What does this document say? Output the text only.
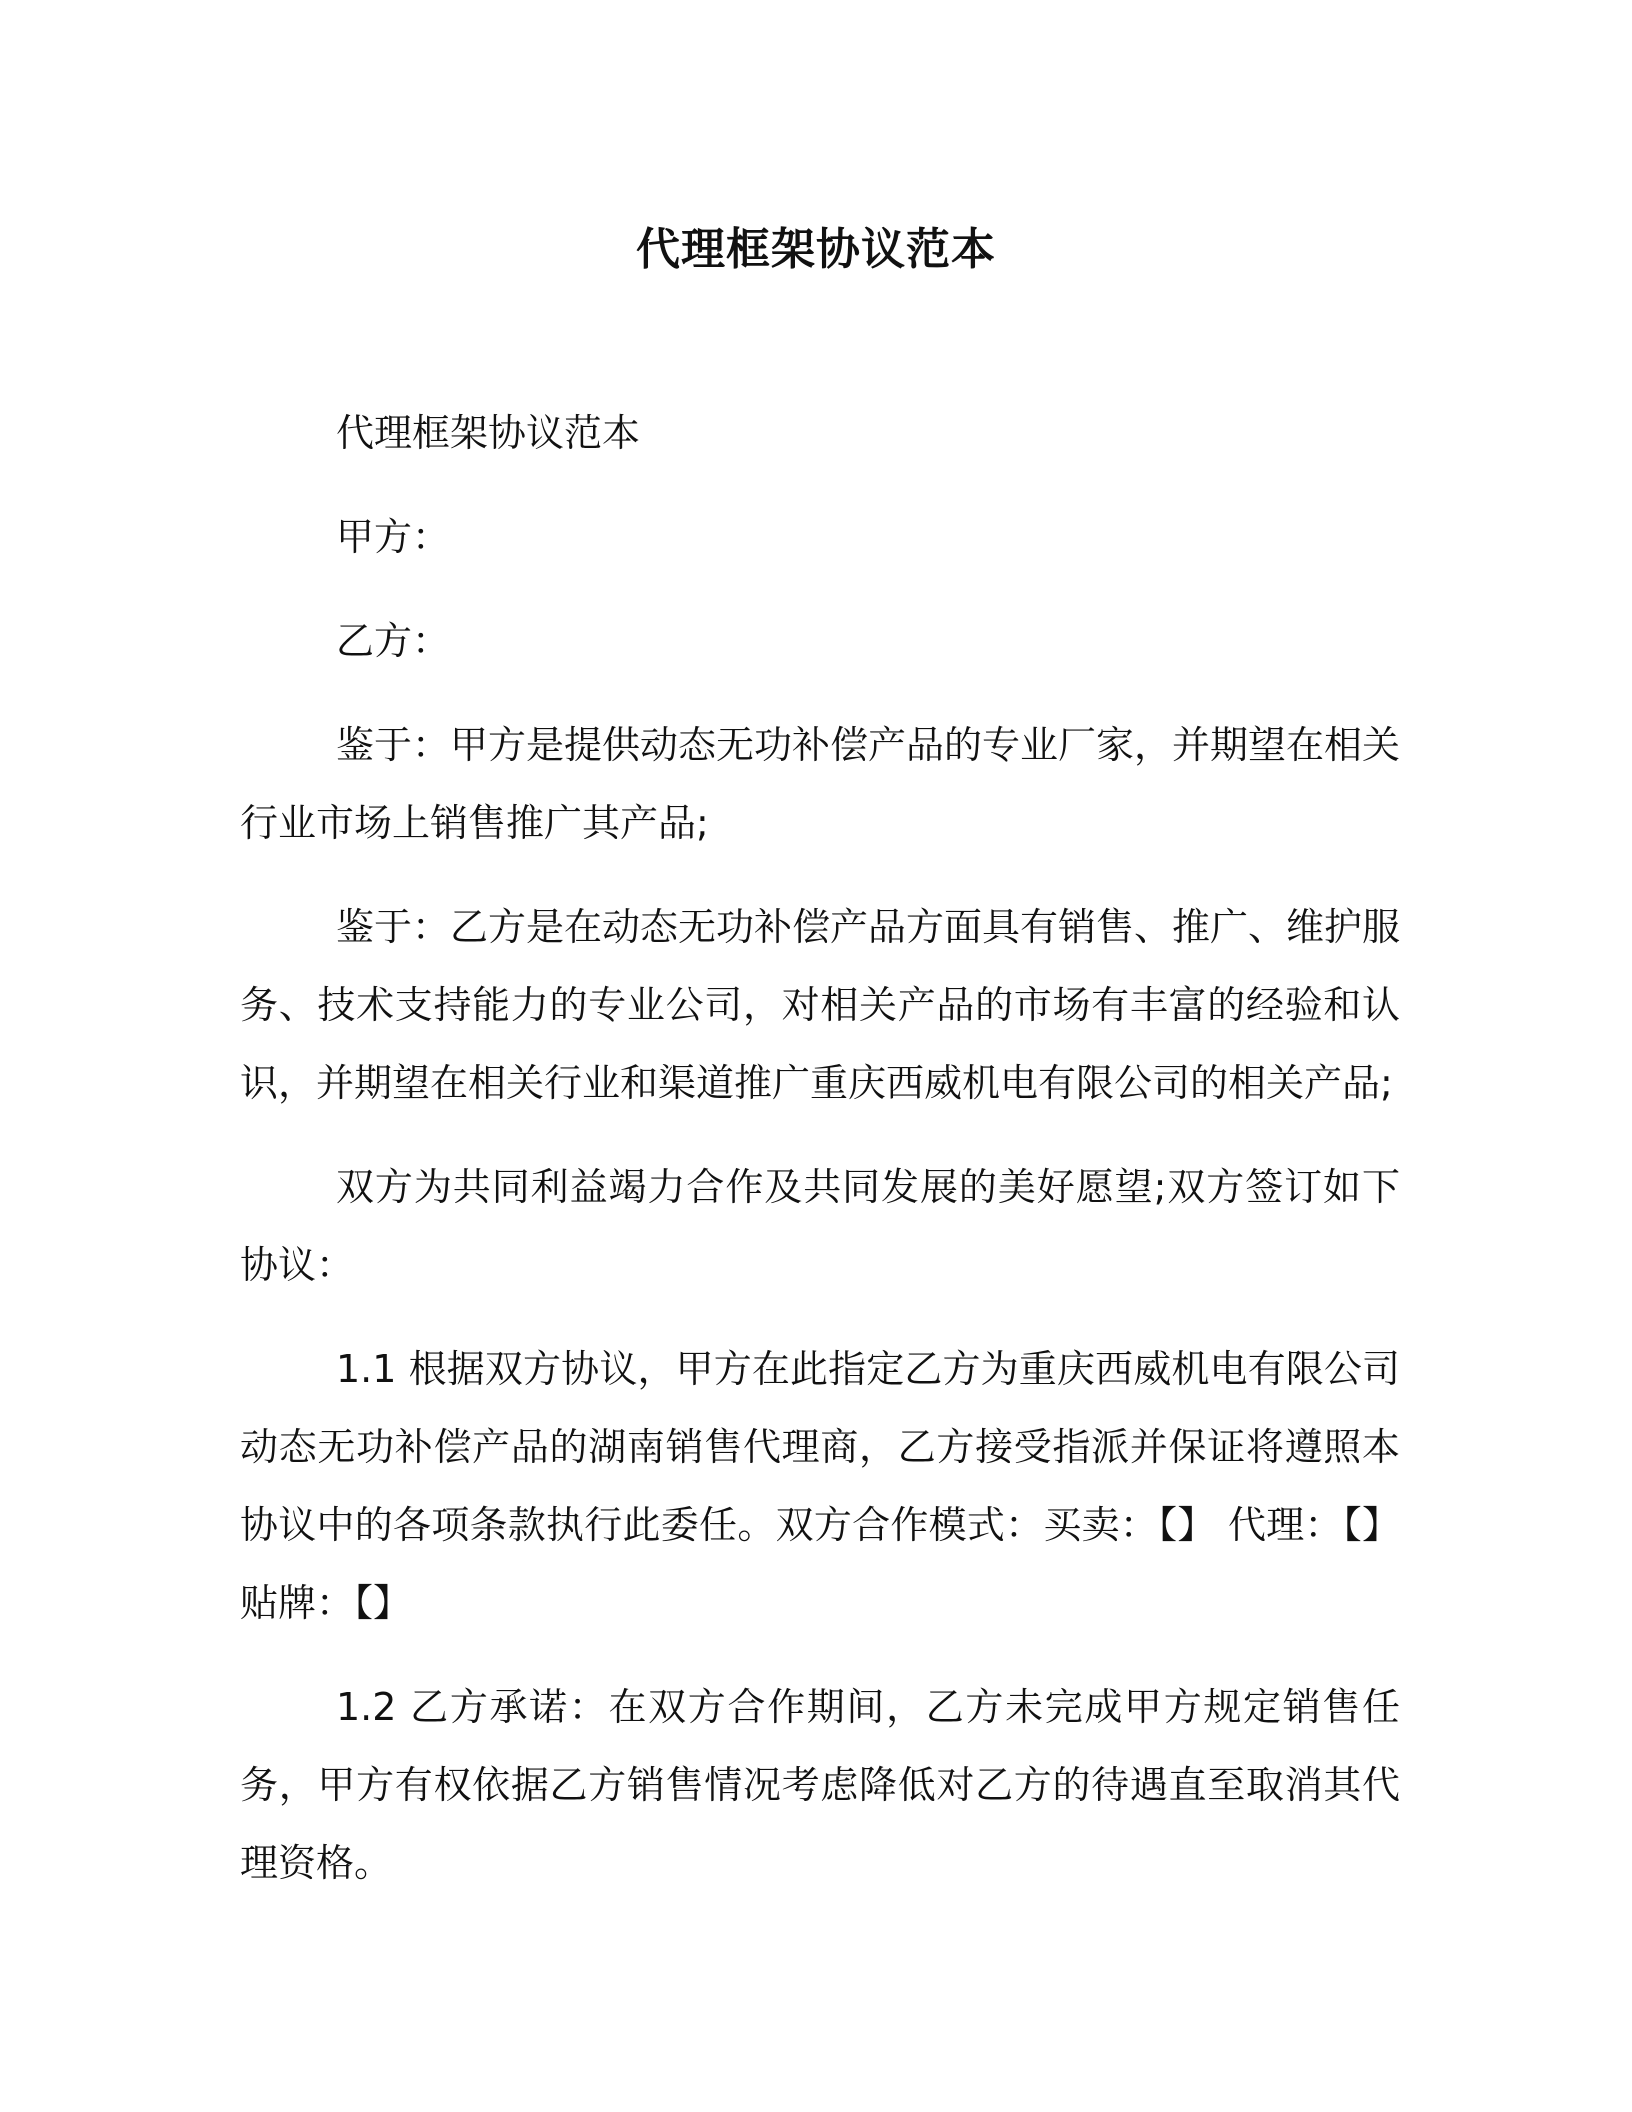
代理框架协议范本

代理框架协议范本

甲方：

乙方：

鉴于：甲方是提供动态无功补偿产品的专业厂家，并期望在相关行业市场上销售推广其产品;

鉴于：乙方是在动态无功补偿产品方面具有销售、推广、维护服务、技术支持能力的专业公司，对相关产品的市场有丰富的经验和认识，并期望在相关行业和渠道推广重庆西威机电有限公司的相关产品;

双方为共同利益竭力合作及共同发展的美好愿望;双方签订如下协议：

1.1 根据双方协议，甲方在此指定乙方为重庆西威机电有限公司动态无功补偿产品的湖南销售代理商，乙方接受指派并保证将遵照本协议中的各项条款执行此委任。双方合作模式：买卖：【】 代理：【】 贴牌：【】

1.2 乙方承诺：在双方合作期间，乙方未完成甲方规定销售任务，甲方有权依据乙方销售情况考虑降低对乙方的待遇直至取消其代理资格。
